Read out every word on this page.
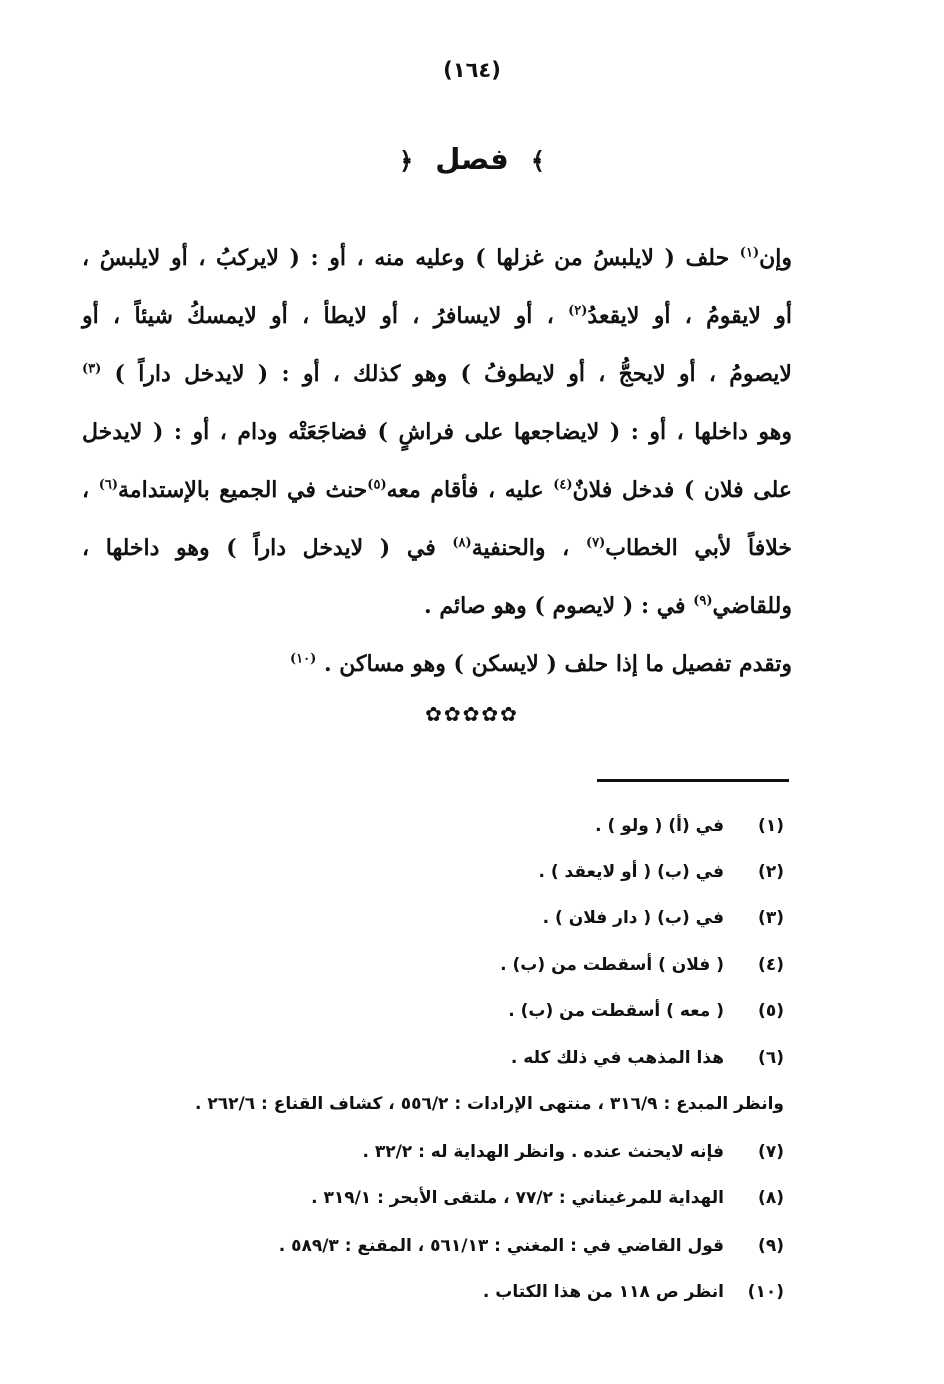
(١٦٤)
﴾ فصل ﴿
وإن$^{(١)}$ حلف ( لايلبسُ من غزلها ) وعليه منه ، أو : ( لايركبُ ، أو لايلبسُ ،
أو لايقومُ ، أو لايقعدُ$^{(٢)}$ ، أو لايسافرُ ، أو لايطأ ، أو لايمسكُ شيئاً ، أو
لايصومُ ، أو لايحجُّ ، أو لايطوفُ ) وهو كذلك ، أو : ( لايدخل داراً ) $^{(٣)}$
وهو داخلها ، أو : ( لايضاجعها على فراشٍ ) فضاجَعَتْه ودام ، أو : ( لايدخل
على فلان ) فدخل فلانٌ$^{(٤)}$ عليه ، فأقام معه$^{(٥)}$حنث في الجميع بالإستدامة$^{(٦)}$ ،
خلافاً لأبي الخطاب$^{(٧)}$ ، والحنفية$^{(٨)}$ في ( لايدخل داراً ) وهو داخلها ،
وللقاضي$^{(٩)}$ في : ( لايصوم ) وهو صائم .
وتقدم تفصيل ما إذا حلف ( لايسكن ) وهو مساكن . $^{(١٠)}$
✿✿✿✿✿
(١)في (أ) ( ولو ) .
(٢)في (ب) ( أو لايعقد ) .
(٣)في (ب) ( دار فلان ) .
(٤)( فلان ) أسقطت من (ب) .
(٥)( معه ) أسقطت من (ب) .
(٦)هذا المذهب في ذلك كله .
وانظر المبدع : ٣١٦/٩ ، منتهى الإرادات : ٥٥٦/٢ ، كشاف القناع : ٢٦٢/٦ .
(٧)فإنه لايحنث عنده . وانظر الهداية له : ٣٢/٢ .
(٨)الهداية للمرغيناني : ٧٧/٢ ، ملتقى الأبحر : ٣١٩/١ .
(٩)قول القاضي في : المغني : ٥٦١/١٣ ، المقنع : ٥٨٩/٣ .
(١٠)انظر ص ١١٨ من هذا الكتاب .
